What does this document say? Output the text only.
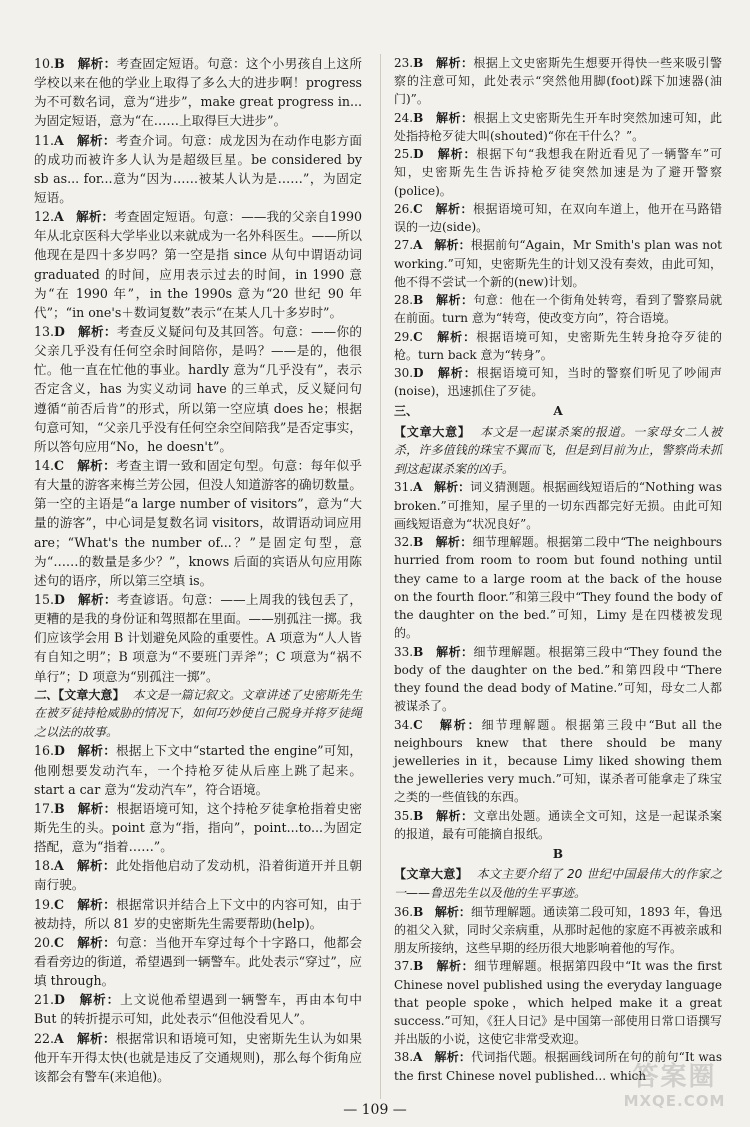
10.B 解析：考查固定短语。句意：这个小男孩自上这所学校以来在他的学业上取得了多么大的进步啊！progress 为不可数名词，意为“进步”，make great progress in...为固定短语，意为“在……上取得巨大进步”。

11.A 解析：考查介词。句意：成龙因为在动作电影方面的成功而被许多人认为是超级巨星。be considered by sb as... for...意为“因为……被某人认为是……”，为固定短语。

12.A 解析：考查固定短语。句意：——我的父亲自1990年从北京医科大学毕业以来就成为一名外科医生。——所以他现在是四十多岁吗？第一空是指 since 从句中谓语动词 graduated 的时间，应用表示过去的时间，in 1990 意为“在 1990 年”，in the 1990s 意为“20 世纪 90 年代”；“in one's＋数词复数”表示“在某人几十多岁时”。

13.D 解析：考查反义疑问句及其回答。句意：——你的父亲几乎没有任何空余时间陪你，是吗？——是的，他很忙。他一直在忙他的事业。hardly 意为“几乎没有”，表示否定含义，has 为实义动词 have 的三单式，反义疑问句遵循“前否后肯”的形式，所以第一空应填 does he；根据句意可知，“父亲几乎没有任何空余空间陪我”是否定事实，所以答句应用“No，he doesn't”。

14.C 解析：考查主谓一致和固定句型。句意：每年似乎有大量的游客来梅兰芳公园，但没人知道游客的确切数量。第一空的主语是“a large number of visitors”，意为“大量的游客”，中心词是复数名词 visitors，故谓语动词应用 are；“What's the number of...？”是固定句型，意为“……的数量是多少？”，knows 后面的宾语从句应用陈述句的语序，所以第三空填 is。

15.D 解析：考查谚语。句意：——上周我的钱包丢了，更糟的是我的身份证和驾照都在里面。——别孤注一掷。我们应该学会用 B 计划避免风险的重要性。A 项意为“人人皆有自知之明”；B 项意为“不要班门弄斧”；C 项意为“祸不单行”；D 项意为“别孤注一掷”。

二、【文章大意】 本文是一篇记叙文。文章讲述了史密斯先生在被歹徒持枪威胁的情况下，如何巧妙使自己脱身并将歹徒绳之以法的故事。

16.D 解析：根据上下文中“started the engine”可知，他刚想要发动汽车，一个持枪歹徒从后座上跳了起来。start a car 意为“发动汽车”，符合语境。

17.B 解析：根据语境可知，这个持枪歹徒拿枪指着史密斯先生的头。point 意为“指，指向”，point...to...为固定搭配，意为“指着……”。

18.A 解析：此处指他启动了发动机，沿着街道开并且朝南行驶。

19.C 解析：根据常识并结合上下文中的内容可知，由于被劫持，所以 81 岁的史密斯先生需要帮助(help)。

20.C 解析：句意：当他开车穿过每个十字路口，他都会看看旁边的街道，希望遇到一辆警车。此处表示“穿过”，应填 through。

21.D 解析：上文说他希望遇到一辆警车，再由本句中 But 的转折提示可知，此处表示“但他没看见人”。

22.A 解析：根据常识和语境可知，史密斯先生认为如果他开车开得太快(也就是违反了交通规则)，那么每个街角应该都会有警车(来追他)。

23.B 解析：根据上文史密斯先生想要开得快一些来吸引警察的注意可知，此处表示“突然他用脚(foot)踩下加速器(油门)”。

24.B 解析：根据上文史密斯先生开车时突然加速可知，此处指持枪歹徒大叫(shouted)“你在干什么？”。

25.D 解析：根据下句“我想我在附近看见了一辆警车”可知，史密斯先生告诉持枪歹徒突然加速是为了避开警察(police)。

26.C 解析：根据语境可知，在双向车道上，他开在马路错误的一边(side)。

27.A 解析：根据前句“Again，Mr Smith's plan was not working.”可知，史密斯先生的计划又没有奏效，由此可知，他不得不尝试一个新的(new)计划。

28.B 解析：句意：他在一个街角处转弯，看到了警察局就在前面。turn 意为“转弯，使改变方向”，符合语境。

29.C 解析：根据语境可知，史密斯先生转身抢夺歹徒的枪。turn back 意为“转身”。

30.D 解析：根据语境可知，当时的警察们听见了吵闹声(noise)，迅速抓住了歹徒。

三、	A

【文章大意】 本文是一起谋杀案的报道。一家母女二人被杀，许多值钱的珠宝不翼而飞，但是到目前为止，警察尚未抓到这起谋杀案的凶手。

31.A 解析：词义猜测题。根据画线短语后的“Nothing was broken.”可推知，屋子里的一切东西都完好无损。由此可知画线短语意为“状况良好”。

32.B 解析：细节理解题。根据第二段中“The neighbours hurried from room to room but found nothing until they came to a large room at the back of the house on the fourth floor.”和第三段中“They found the body of the daughter on the bed.”可知，Limy 是在四楼被发现的。

33.B 解析：细节理解题。根据第三段中“They found the body of the daughter on the bed.”和第四段中“There they found the dead body of Matine.”可知，母女二人都被谋杀了。

34.C 解析：细节理解题。根据第三段中“But all the neighbours knew that there should be many jewelleries in it，because Limy liked showing them the jewelleries very much.”可知，谋杀者可能拿走了珠宝之类的一些值钱的东西。

35.B 解析：文章出处题。通读全文可知，这是一起谋杀案的报道，最有可能摘自报纸。

B

【文章大意】 本文主要介绍了 20 世纪中国最伟大的作家之一——鲁迅先生以及他的生平事迹。

36.B 解析：细节理解题。通读第二段可知，1893 年，鲁迅的祖父入狱，同时父亲病重，从那时起他的家庭不再被亲戚和朋友所接纳，这些早期的经历很大地影响着他的写作。

37.B 解析：细节理解题。根据第四段中“It was the first Chinese novel published using the everyday language that people spoke，which helped make it a great success.”可知，《狂人日记》是中国第一部使用日常口语撰写并出版的小说，这使它非常受欢迎。

38.A 解析：代词指代题。根据画线词所在句的前句“It was the first Chinese novel published... which

— 109 —
答案圈
MXQE.COM
